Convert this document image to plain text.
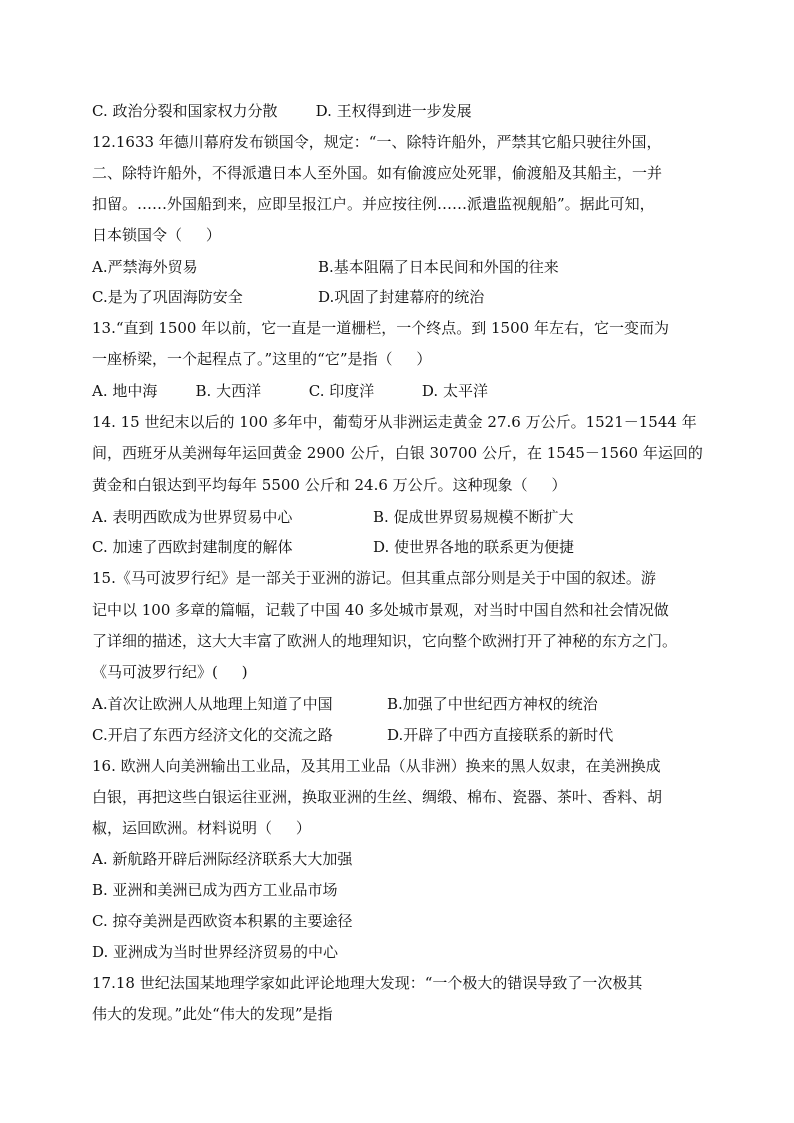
C. 政治分裂和国家权力分散        D. 王权得到进一步发展
12.1633 年德川幕府发布锁国令，规定：“一、除特许船外，严禁其它船只驶往外国，
二、除特许船外，不得派遣日本人至外国。如有偷渡应处死罪，偷渡船及其船主，一并
扣留。……外国船到来，应即呈报江户。并应按往例……派遣监视舰船”。据此可知，
日本锁国令（     ）
A.严禁海外贸易	B.基本阻隔了日本民间和外国的往来
C.是为了巩固海防安全	D.巩固了封建幕府的统治
13.“直到 1500 年以前，它一直是一道栅栏，一个终点。到 1500 年左右，它一变而为
一座桥梁，一个起程点了。”这里的“它”是指（     ）
A. 地中海        B. 大西洋          C. 印度洋          D. 太平洋
14. 15 世纪末以后的 100 多年中，葡萄牙从非洲运走黄金 27.6 万公斤。1521－1544 年
间，西班牙从美洲每年运回黄金 2900 公斤，白银 30700 公斤，在 1545－1560 年运回的
黄金和白银达到平均每年 5500 公斤和 24.6 万公斤。这种现象（     ）
A. 表明西欧成为世界贸易中心	B. 促成世界贸易规模不断扩大
C. 加速了西欧封建制度的解体	D. 使世界各地的联系更为便捷
15.《马可波罗行纪》是一部关于亚洲的游记。但其重点部分则是关于中国的叙述。游
记中以 100 多章的篇幅，记载了中国 40 多处城市景观，对当时中国自然和社会情况做
了详细的描述，这大大丰富了欧洲人的地理知识，它向整个欧洲打开了神秘的东方之门。
《马可波罗行纪》(     )
A.首次让欧洲人从地理上知道了中国	B.加强了中世纪西方神权的统治
C.开启了东西方经济文化的交流之路	D.开辟了中西方直接联系的新时代
16. 欧洲人向美洲输出工业品，及其用工业品（从非洲）换来的黑人奴隶，在美洲换成
白银，再把这些白银运往亚洲，换取亚洲的生丝、绸缎、棉布、瓷器、茶叶、香料、胡
椒，运回欧洲。材料说明（     ）
A. 新航路开辟后洲际经济联系大大加强
B. 亚洲和美洲已成为西方工业品市场
C. 掠夺美洲是西欧资本积累的主要途径
D. 亚洲成为当时世界经济贸易的中心
17.18 世纪法国某地理学家如此评论地理大发现：“一个极大的错误导致了一次极其
伟大的发现。”此处“伟大的发现”是指
